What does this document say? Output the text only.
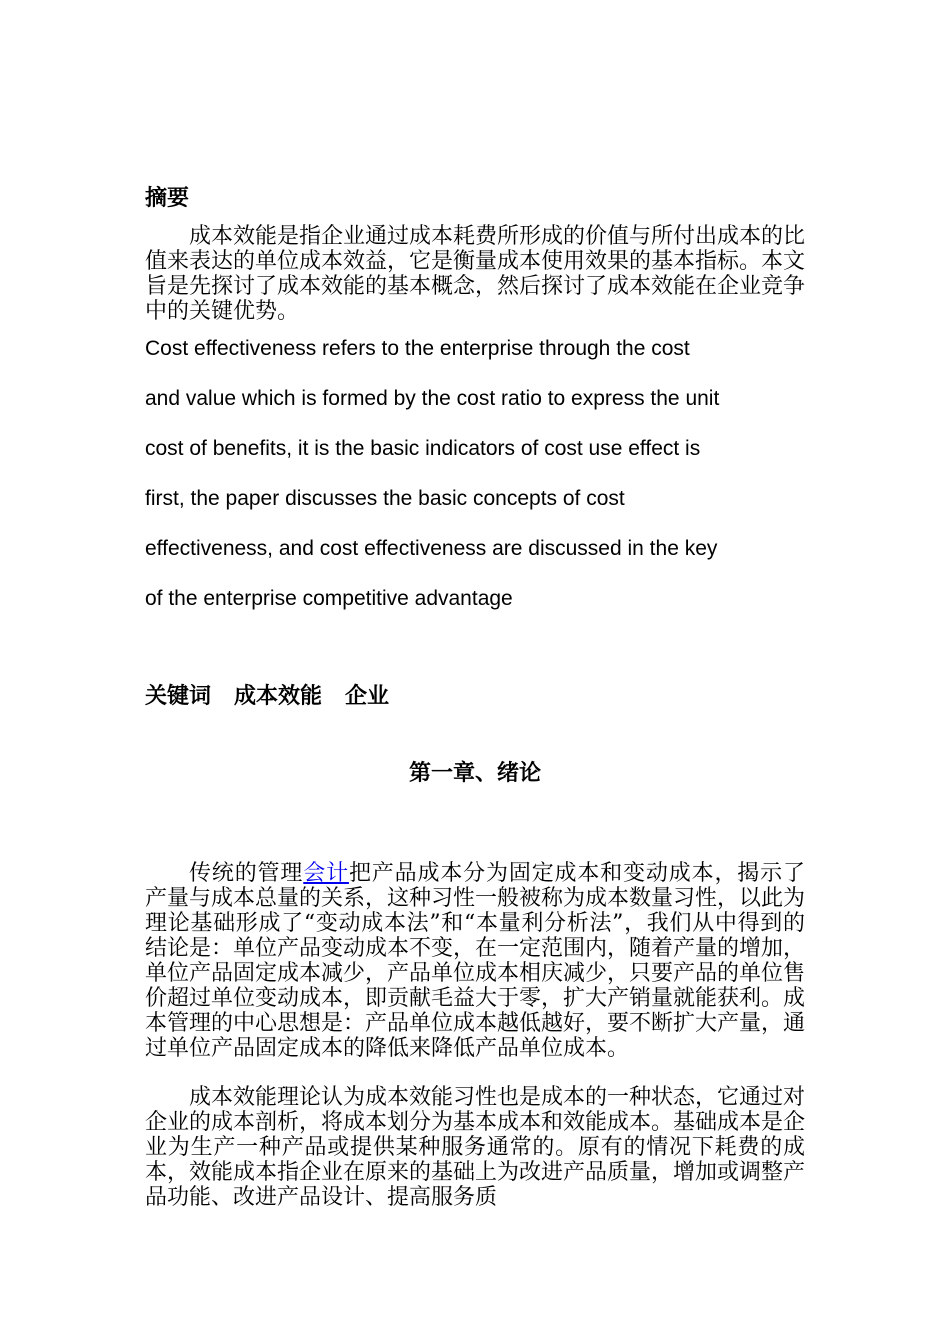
摘要

成本效能是指企业通过成本耗费所形成的价值与所付出成本的比值来表达的单位成本效益，它是衡量成本使用效果的基本指标。本文旨是先探讨了成本效能的基本概念，然后探讨了成本效能在企业竞争中的关键优势。

Cost effectiveness refers to the enterprise through the cost
and value which is formed by the cost ratio to express the unit
cost of benefits, it is the basic indicators of cost use effect is
first, the paper discusses the basic concepts of cost
effectiveness, and cost effectiveness are discussed in the key
of the enterprise competitive advantage
关键词 成本效能 企业
第一章、绪论

传统的管理会计把产品成本分为固定成本和变动成本，揭示了产量与成本总量的关系，这种习性一般被称为成本数量习性，以此为理论基础形成了“变动成本法”和“本量利分析法”，我们从中得到的结论是：单位产品变动成本不变，在一定范围内，随着产量的增加，单位产品固定成本减少，产品单位成本相庆减少，只要产品的单位售价超过单位变动成本，即贡献毛益大于零，扩大产销量就能获利。成本管理的中心思想是：产品单位成本越低越好，要不断扩大产量，通过单位产品固定成本的降低来降低产品单位成本。

成本效能理论认为成本效能习性也是成本的一种状态，它通过对企业的成本剖析，将成本划分为基本成本和效能成本。基础成本是企业为生产一种产品或提供某种服务通常的。原有的情况下耗费的成本，效能成本指企业在原来的基础上为改进产品质量，增加或调整产品功能、改进产品设计、提高服务质
